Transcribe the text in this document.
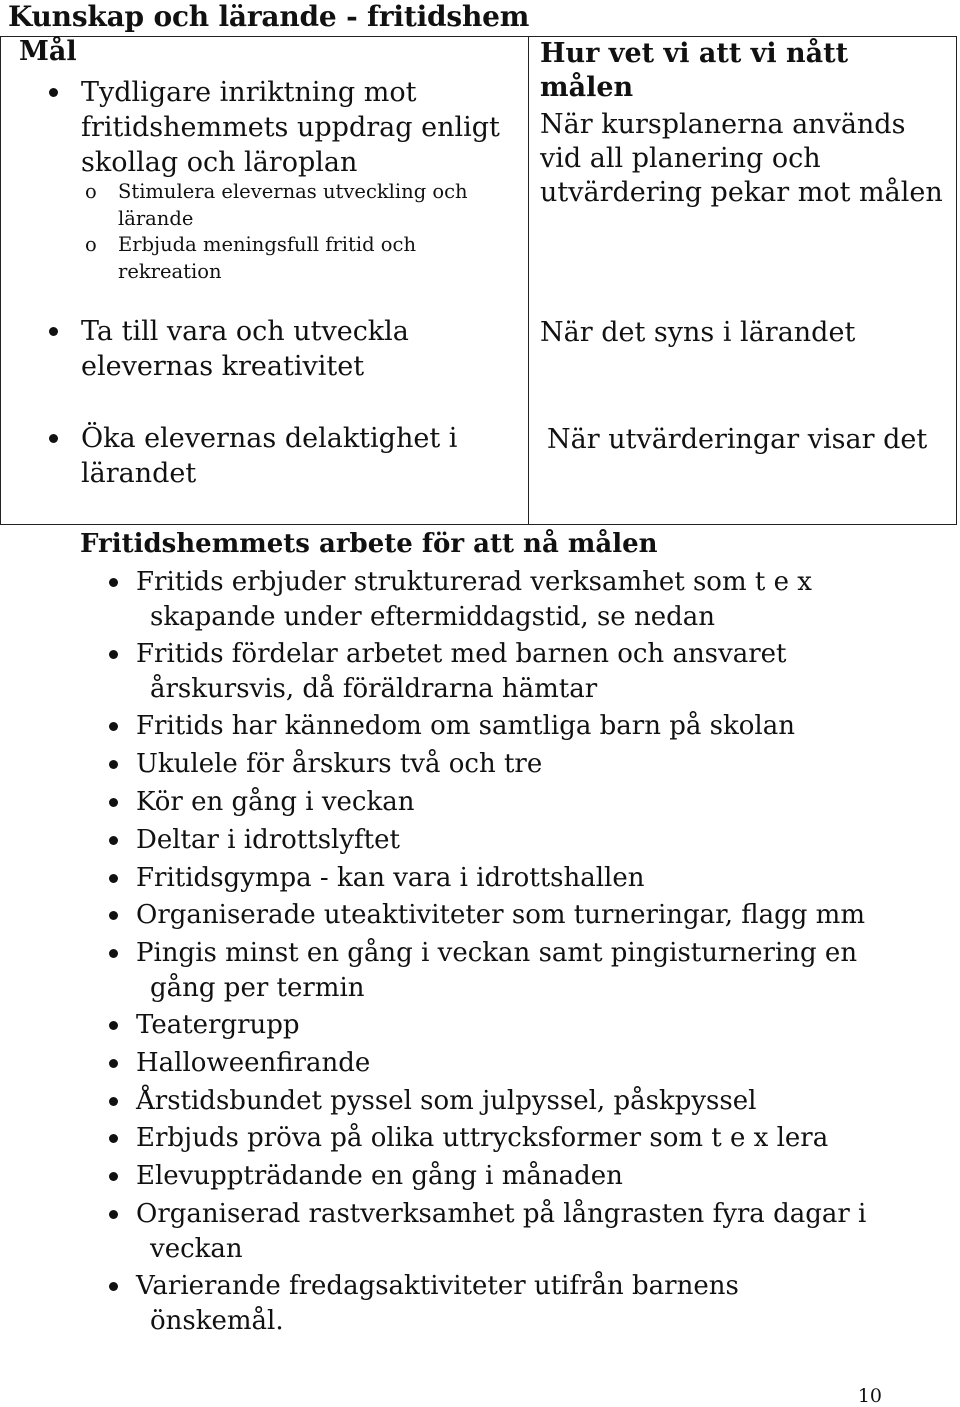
Kunskap och lärande - fritidshem
Mål
Tydligare inriktning mot
fritidshemmets uppdrag enligt
skollag och läroplan
o Stimulera elevernas utveckling och
lärande
o Erbjuda meningsfull fritid och
rekreation
Ta till vara och utveckla
elevernas kreativitet
Öka elevernas delaktighet i
lärandet
Hur vet vi att vi nått
målen
När kursplanerna används
vid all planering och
utvärdering pekar mot målen
När det syns i lärandet
När utvärderingar visar det
Fritidshemmets arbete för att nå målen
Fritids erbjuder strukturerad verksamhet som t e x
skapande under eftermiddagstid, se nedan
Fritids fördelar arbetet med barnen och ansvaret
årskursvis, då föräldrarna hämtar
Fritids har kännedom om samtliga barn på skolan
Ukulele för årskurs två och tre
Kör en gång i veckan
Deltar i idrottslyftet
Fritidsgympa - kan vara i idrottshallen
Organiserade uteaktiviteter som turneringar, flagg mm
Pingis minst en gång i veckan samt pingisturnering en
gång per termin
Teatergrupp
Halloweenfirande
Årstidsbundet pyssel som julpyssel, påskpyssel
Erbjuds pröva på olika uttrycksformer som t e x lera
Elevuppträdande en gång i månaden
Organiserad rastverksamhet på långrasten fyra dagar i
veckan
Varierande fredagsaktiviteter utifrån barnens
önskemål.
10
